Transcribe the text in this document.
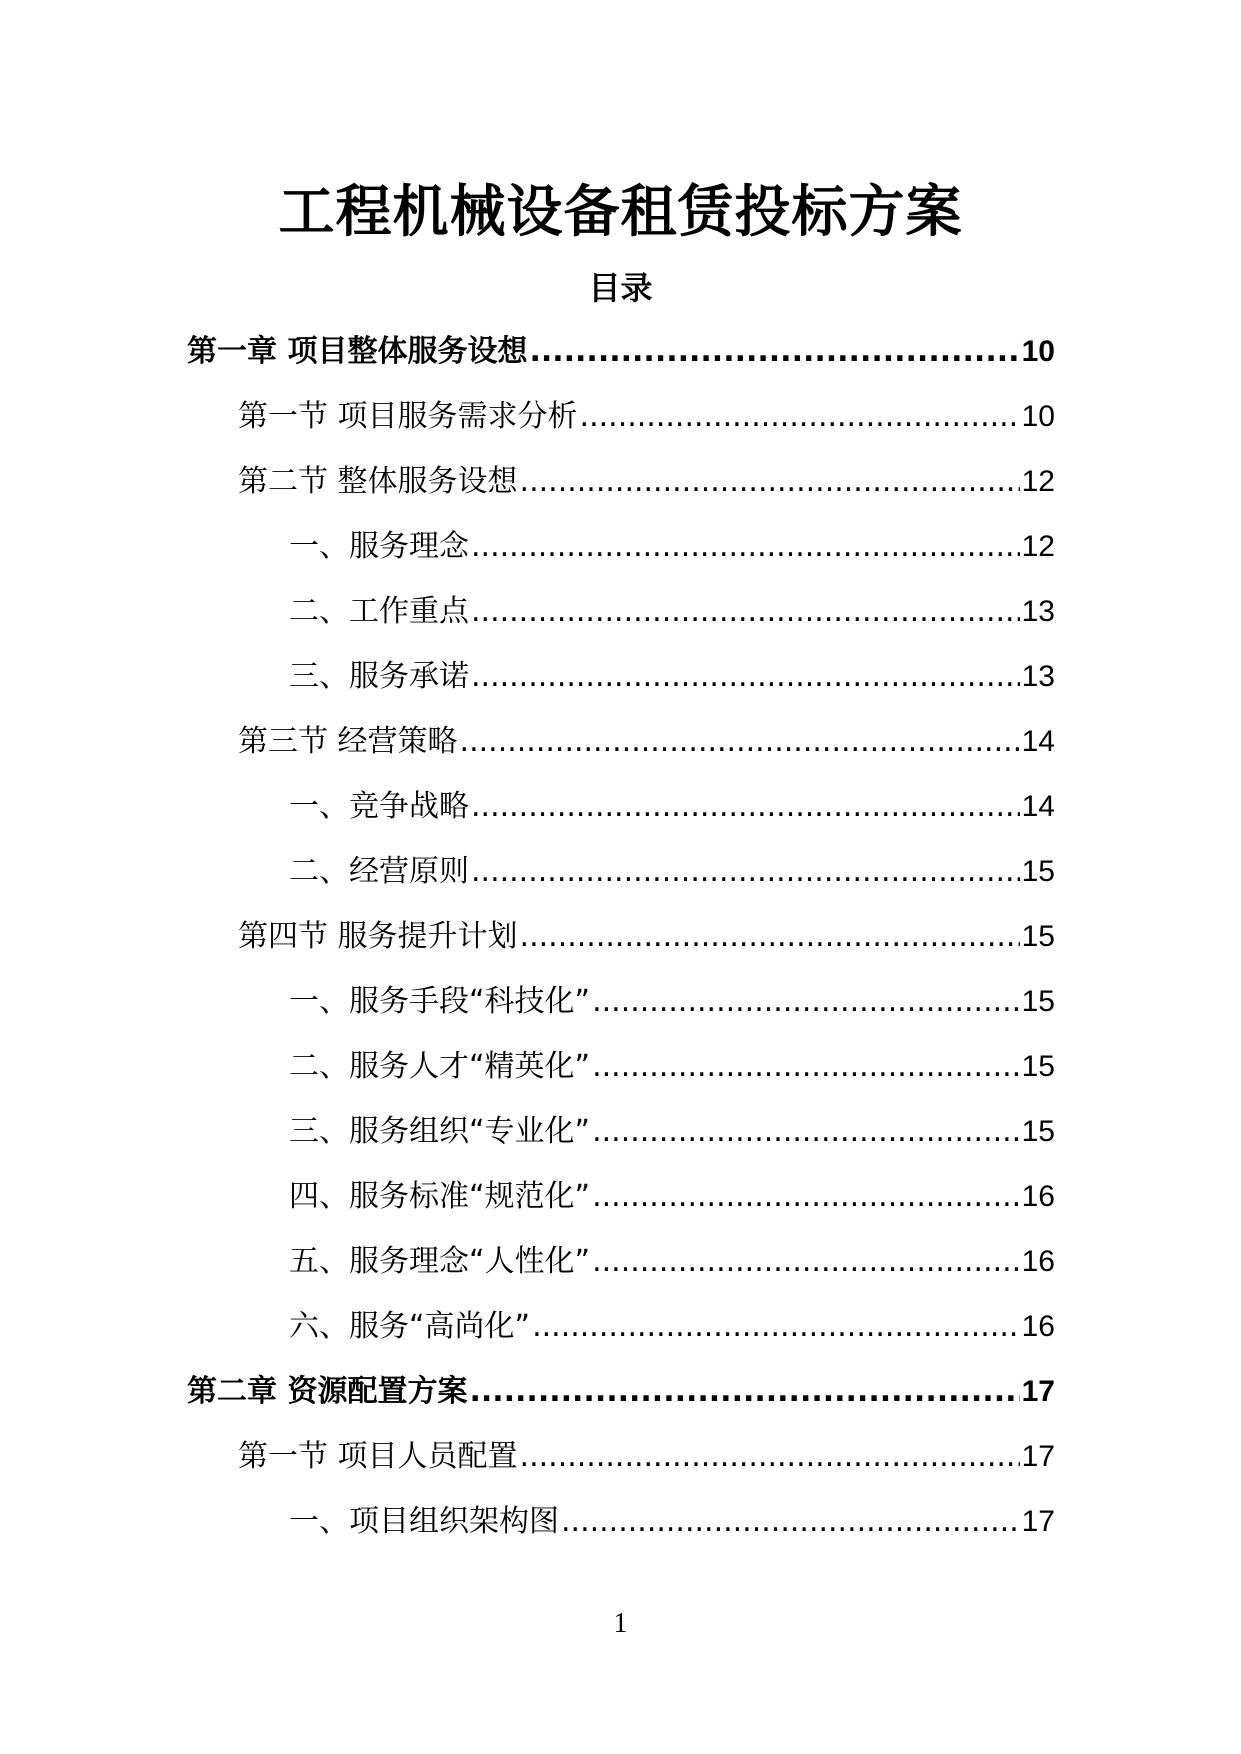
工程机械设备租赁投标方案
目录
第一章 项目整体服务设想 .....	10
第一节 项目服务需求分析 .....	10
第二节 整体服务设想 .....	12
一、服务理念 .....	12
二、工作重点 .....	13
三、服务承诺 .....	13
第三节 经营策略 .....	14
一、竞争战略 .....	14
二、经营原则 .....	15
第四节 服务提升计划 .....	15
一、服务手段“科技化” .....	15
二、服务人才“精英化” .....	15
三、服务组织“专业化” .....	15
四、服务标准“规范化” .....	16
五、服务理念“人性化” .....	16
六、服务“高尚化” .....	16
第二章 资源配置方案 .....	17
第一节 项目人员配置 .....	17
一、项目组织架构图 .....	17
1
